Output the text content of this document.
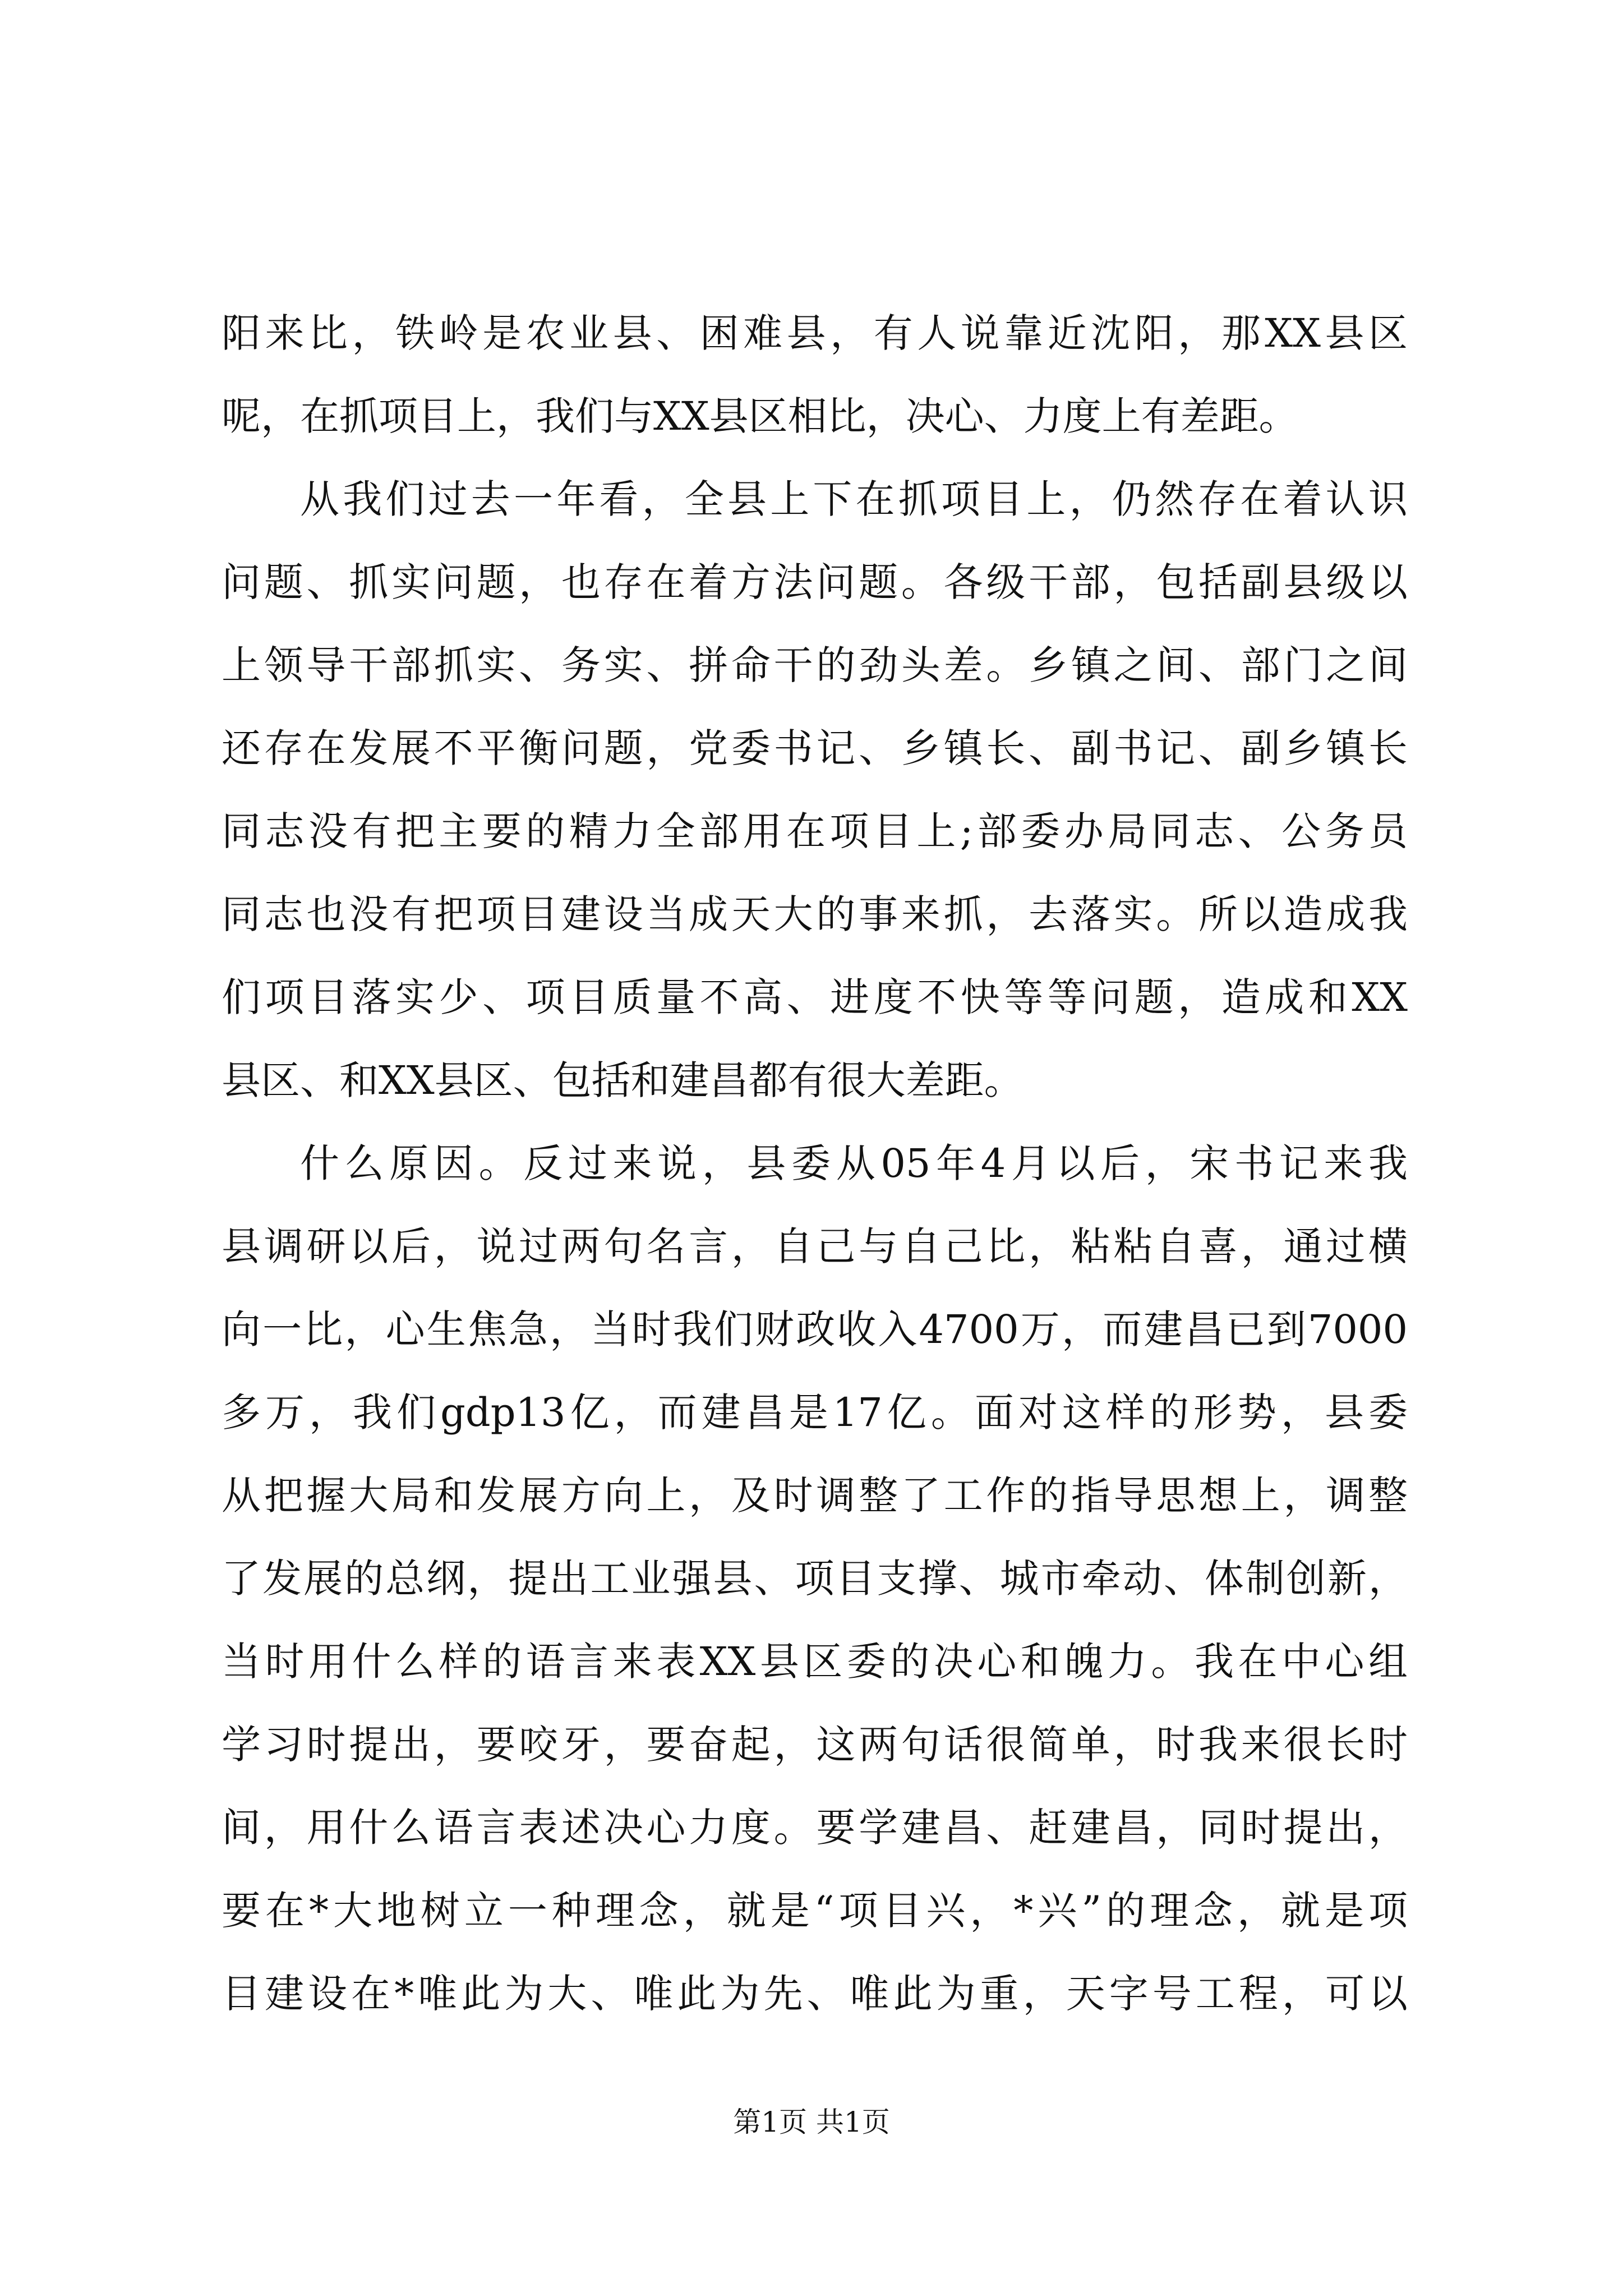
阳来比，铁岭是农业县、困难县，有人说靠近沈阳，那XX县区
呢，在抓项目上，我们与XX县区相比，决心、力度上有差距。
从我们过去一年看，全县上下在抓项目上，仍然存在着认识
问题、抓实问题，也存在着方法问题。各级干部，包括副县级以
上领导干部抓实、务实、拼命干的劲头差。乡镇之间、部门之间
还存在发展不平衡问题，党委书记、乡镇长、副书记、副乡镇长
同志没有把主要的精力全部用在项目上;部委办局同志、公务员
同志也没有把项目建设当成天大的事来抓，去落实。所以造成我
们项目落实少、项目质量不高、进度不快等等问题，造成和XX
县区、和XX县区、包括和建昌都有很大差距。
什么原因。反过来说，县委从05年4月以后，宋书记来我
县调研以后，说过两句名言，自己与自己比，粘粘自喜，通过横
向一比，心生焦急，当时我们财政收入4700万，而建昌已到7000
多万，我们gdp13亿，而建昌是17亿。面对这样的形势，县委
从把握大局和发展方向上，及时调整了工作的指导思想上，调整
了发展的总纲，提出工业强县、项目支撑、城市牵动、体制创新，
当时用什么样的语言来表XX县区委的决心和魄力。我在中心组
学习时提出，要咬牙，要奋起，这两句话很简单，时我来很长时
间，用什么语言表述决心力度。要学建昌、赶建昌，同时提出，
要在*大地树立一种理念，就是“项目兴，*兴”的理念，就是项
目建设在*唯此为大、唯此为先、唯此为重，天字号工程，可以
第1页 共1页
